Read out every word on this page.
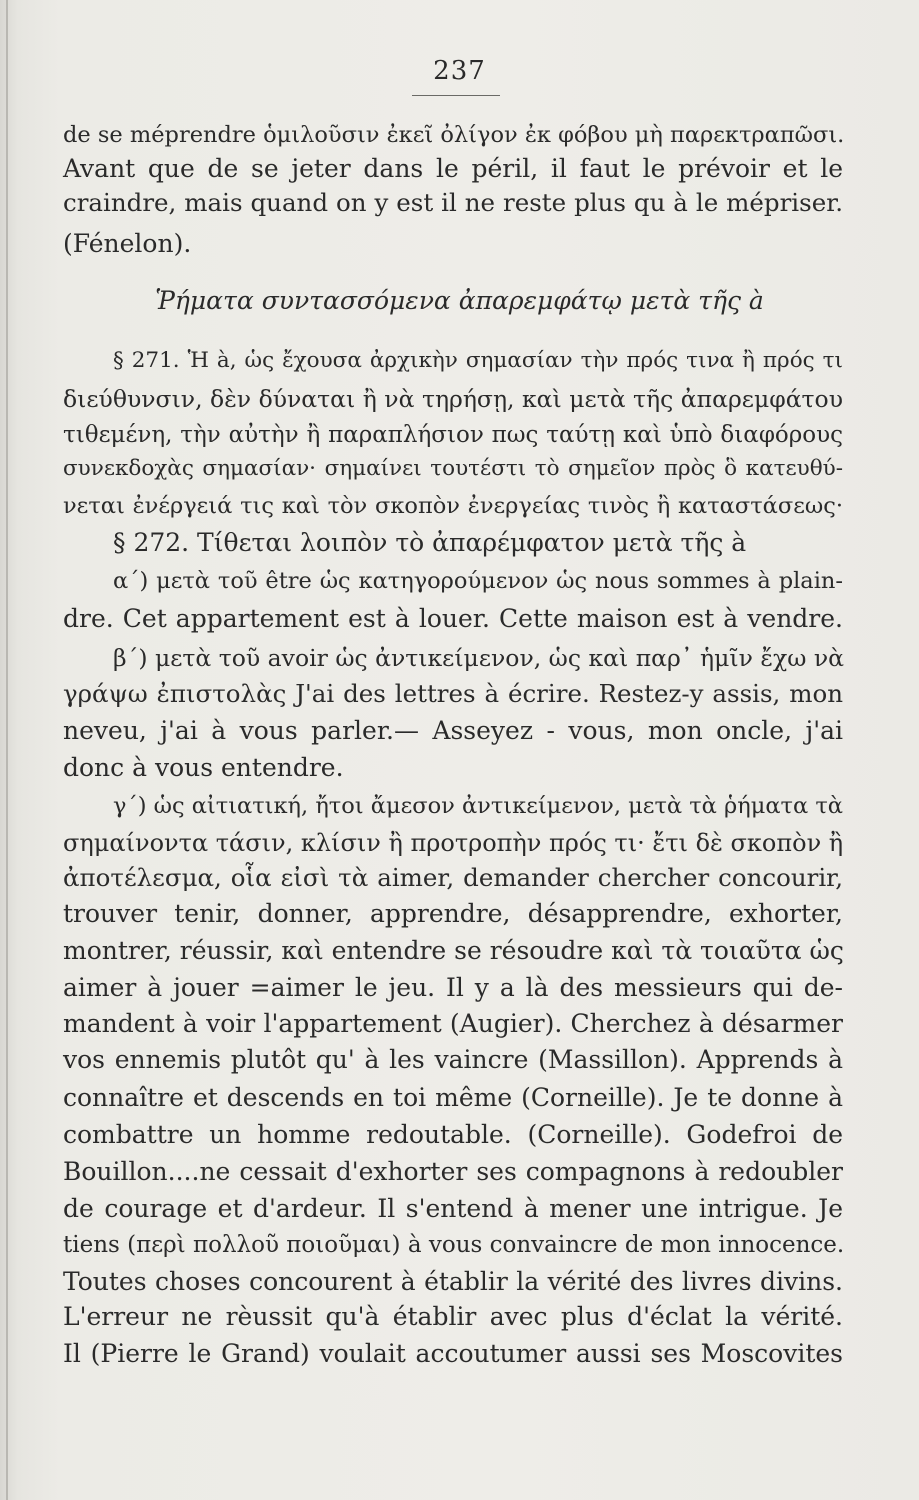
237
de se méprendre ὁμιλοῦσιν ἐκεῖ ὀλίγον ἐκ φόβου μὴ παρεκτραπῶσι.
Avant que de se jeter dans le péril, il faut le prévoir et le
craindre, mais quand on y est il ne reste plus qu à le mépriser.
(Fénelon).
Ῥήματα συντασσόμενα ἀπαρεμφάτῳ μετὰ τῆς à
§ 271. Ἡ à, ὡς ἔχουσα ἀρχικὴν σημασίαν τὴν πρός τινα ἢ πρός τι
διεύθυνσιν, δὲν δύναται ἢ νὰ τηρήσῃ, καὶ μετὰ τῆς ἀπαρεμφάτου
τιθεμένη, τὴν αὐτὴν ἢ παραπλήσιον πως ταύτῃ καὶ ὑπὸ διαφόρους
συνεκδοχὰς σημασίαν· σημαίνει τουτέστι τὸ σημεῖον πρὸς ὃ κατευθύ-
νεται ἐνέργειά τις καὶ τὸν σκοπὸν ἐνεργείας τινὸς ἢ καταστάσεως·
§ 272. Τίθεται λοιπὸν τὸ ἀπαρέμφατον μετὰ τῆς à
α΄) μετὰ τοῦ être ὡς κατηγορούμενον ὡς nous sommes à plain-
dre. Cet appartement est à louer. Cette maison est à vendre.
β΄) μετὰ τοῦ avoir ὡς ἀντικείμενον, ὡς καὶ παρ᾽ ἡμῖν ἔχω νὰ
γράψω ἐπιστολὰς J'ai des lettres à écrire. Restez-y assis, mon
neveu, j'ai à vous parler.— Asseyez - vous, mon oncle, j'ai
donc à vous entendre.
γ΄) ὡς αἰτιατική, ἤτοι ἄμεσον ἀντικείμενον, μετὰ τὰ ῥήματα τὰ
σημαίνοντα τάσιν, κλίσιν ἢ προτροπὴν πρός τι· ἔτι δὲ σκοπὸν ἢ
ἀποτέλεσμα, οἷα εἰσὶ τὰ aimer, demander chercher concourir,
trouver tenir, donner, apprendre, désapprendre, exhorter,
montrer, réussir, καὶ entendre se résoudre καὶ τὰ τοιαῦτα ὡς
aimer à jouer =aimer le jeu. Il y a là des messieurs qui de-
mandent à voir l'appartement (Augier). Cherchez à désarmer
vos ennemis plutôt qu' à les vaincre (Massillon). Apprends à
connaître et descends en toi même (Corneille). Je te donne à
combattre un homme redoutable. (Corneille). Godefroi de
Bouillon....ne cessait d'exhorter ses compagnons à redoubler
de courage et d'ardeur. Il s'entend à mener une intrigue. Je
tiens (περὶ πολλοῦ ποιοῦμαι) à vous convaincre de mon innocence.
Toutes choses concourent à établir la vérité des livres divins.
L'erreur ne rèussit qu'à établir avec plus d'éclat la vérité.
Il (Pierre le Grand) voulait accoutumer aussi ses Moscovites
